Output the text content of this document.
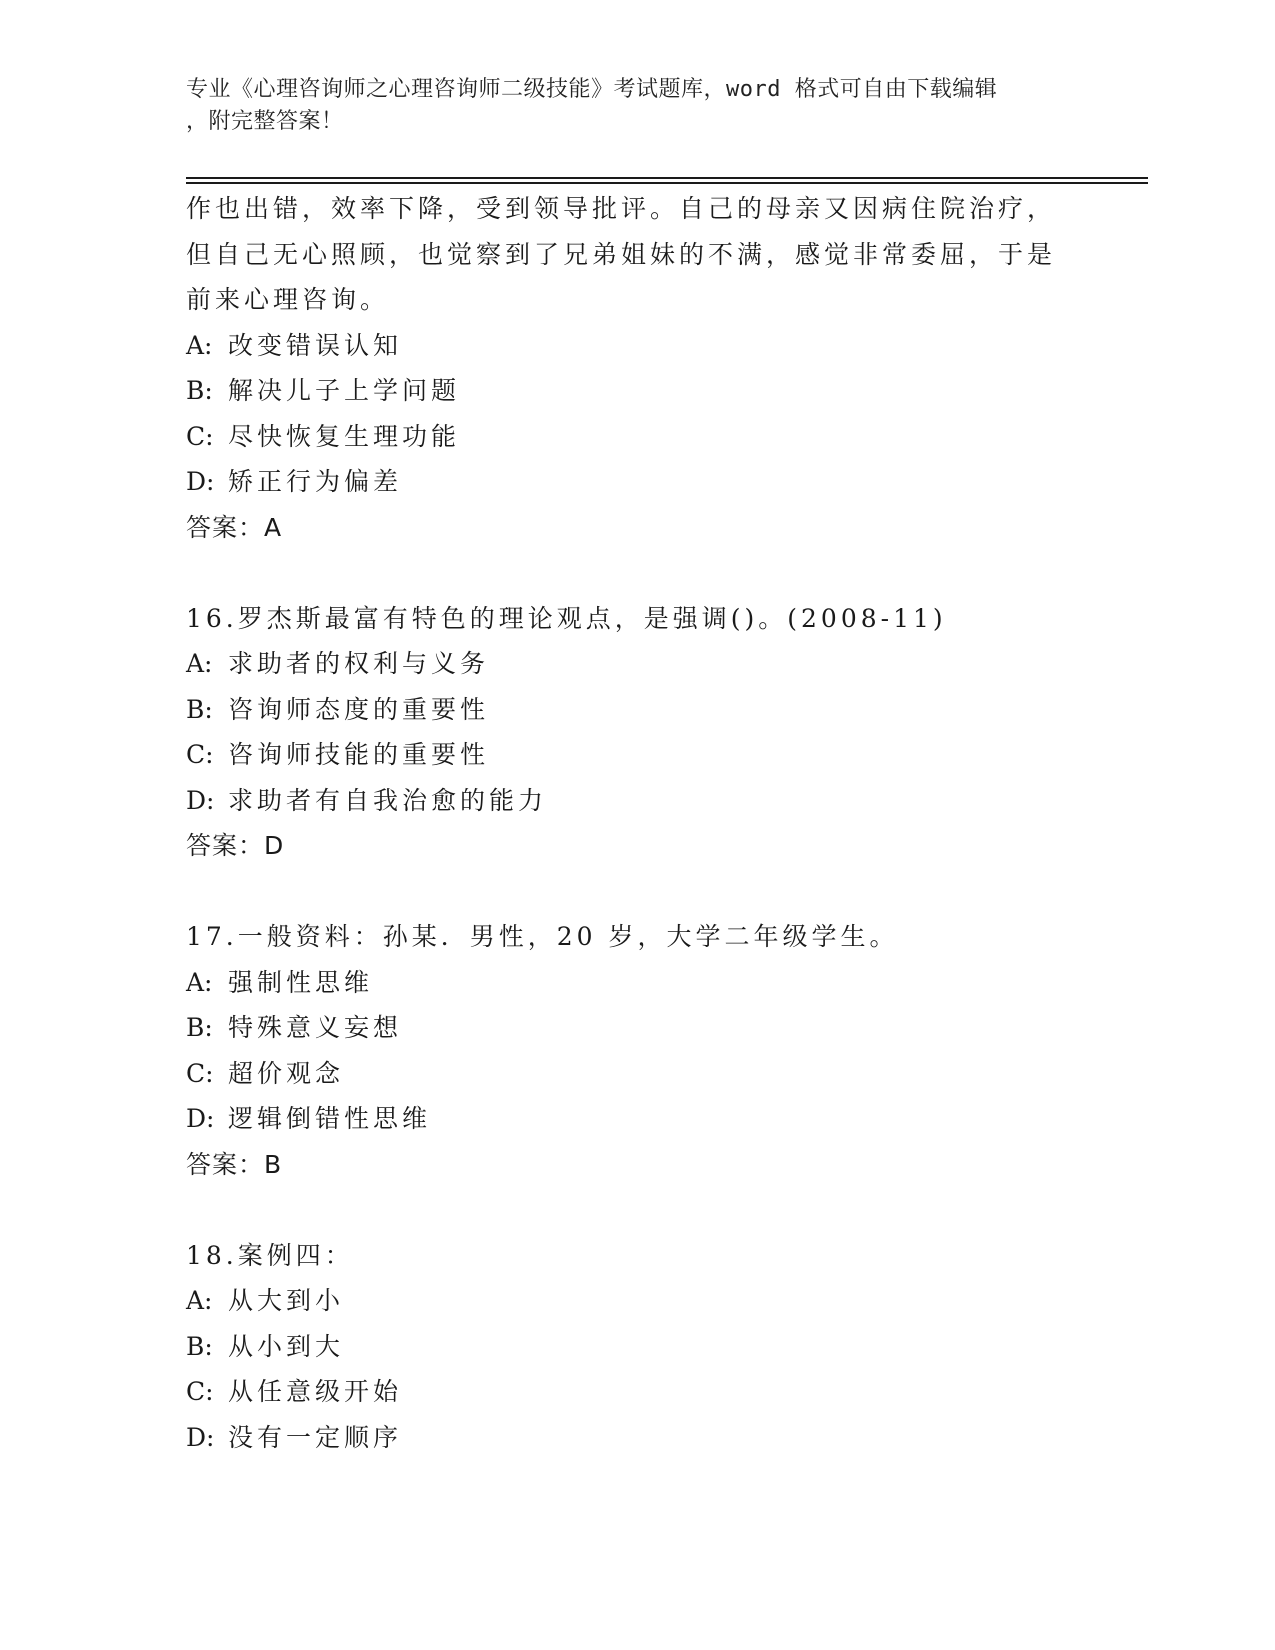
专业《心理咨询师之心理咨询师二级技能》考试题库，word 格式可自由下载编辑
，附完整答案！
作也出错，效率下降，受到领导批评。自己的母亲又因病住院治疗，
但自己无心照顾，也觉察到了兄弟姐妹的不满，感觉非常委屈，于是
前来心理咨询。
A: 改变错误认知
B: 解决儿子上学问题
C: 尽快恢复生理功能
D: 矫正行为偏差
答案：A
16.罗杰斯最富有特色的理论观点，是强调()。(2008-11)
A: 求助者的权利与义务
B: 咨询师态度的重要性
C: 咨询师技能的重要性
D: 求助者有自我治愈的能力
答案：D
17.一般资料：孙某．男性，20 岁，大学二年级学生。
A: 强制性思维
B: 特殊意义妄想
C: 超价观念
D: 逻辑倒错性思维
答案：B
18.案例四：
A: 从大到小
B: 从小到大
C: 从任意级开始
D: 没有一定顺序
